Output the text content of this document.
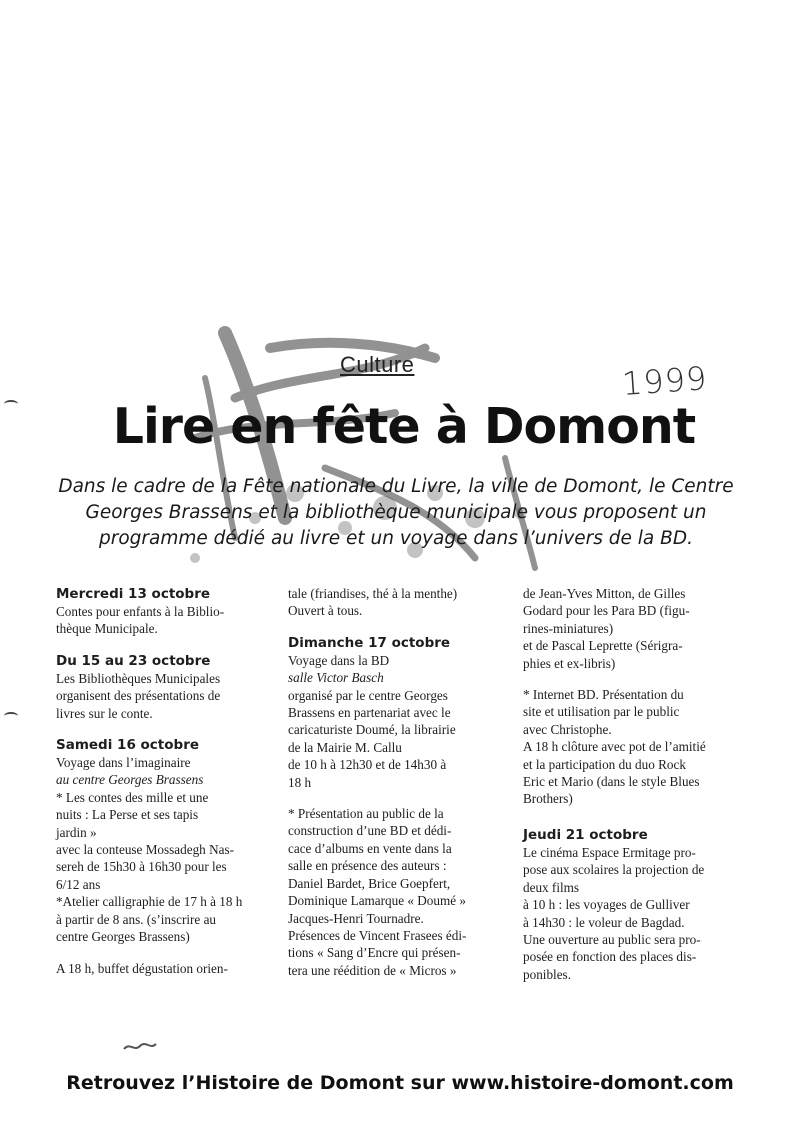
Culture	1999
Lire en fête à Domont
Dans le cadre de la Fête nationale du Livre, la ville de Domont, le Centre Georges Brassens et la bibliothèque municipale vous proposent un programme dédié au livre et un voyage dans l’univers de la BD.

Mercredi 13 octobre

Contes pour enfants à la Biblio-

thèque Municipale.

Du 15 au 23 octobre

Les Bibliothèques Municipales

organisent des présentations de

livres sur le conte.

Samedi 16 octobre

Voyage dans l’imaginaire

au centre Georges Brassens

* Les contes des mille et une

nuits : La Perse et ses tapis

jardin »

avec la conteuse Mossadegh Nas-

sereh de 15h30 à 16h30 pour les

6/12 ans

*Atelier calligraphie de 17 h à 18 h

à partir de 8 ans. (s’inscrire au

centre Georges Brassens)

A 18 h, buffet dégustation orien-

tale (friandises, thé à la menthe)

Ouvert à tous.

Dimanche 17 octobre

Voyage dans la BD

salle Victor Basch

organisé par le centre Georges

Brassens en partenariat avec le

caricaturiste Doumé, la librairie

de la Mairie M. Callu

de 10 h à 12h30 et de 14h30 à

18 h

* Présentation au public de la

construction d’une BD et dédi-

cace d’albums en vente dans la

salle en présence des auteurs :

Daniel Bardet, Brice Goepfert,

Dominique Lamarque « Doumé »

Jacques-Henri Tournadre.

Présences de Vincent Frasees édi-

tions « Sang d’Encre qui présen-

tera une réédition de « Micros »

de Jean-Yves Mitton, de Gilles

Godard pour les Para BD (figu-

rines-miniatures)

et de Pascal Leprette (Sérigra-

phies et ex-libris)

* Internet BD. Présentation du

site et utilisation par le public

avec Christophe.

A 18 h clôture avec pot de l’amitié

et la participation du duo Rock

Eric et Mario (dans le style Blues

Brothers)

Jeudi 21 octobre

Le cinéma Espace Ermitage pro-

pose aux scolaires la projection de

deux films

à 10 h : les voyages de Gulliver

à 14h30 : le voleur de Bagdad.

Une ouverture au public sera pro-

posée en fonction des places dis-

ponibles.

Retrouvez l’Histoire de Domont sur www.histoire-domont.com
